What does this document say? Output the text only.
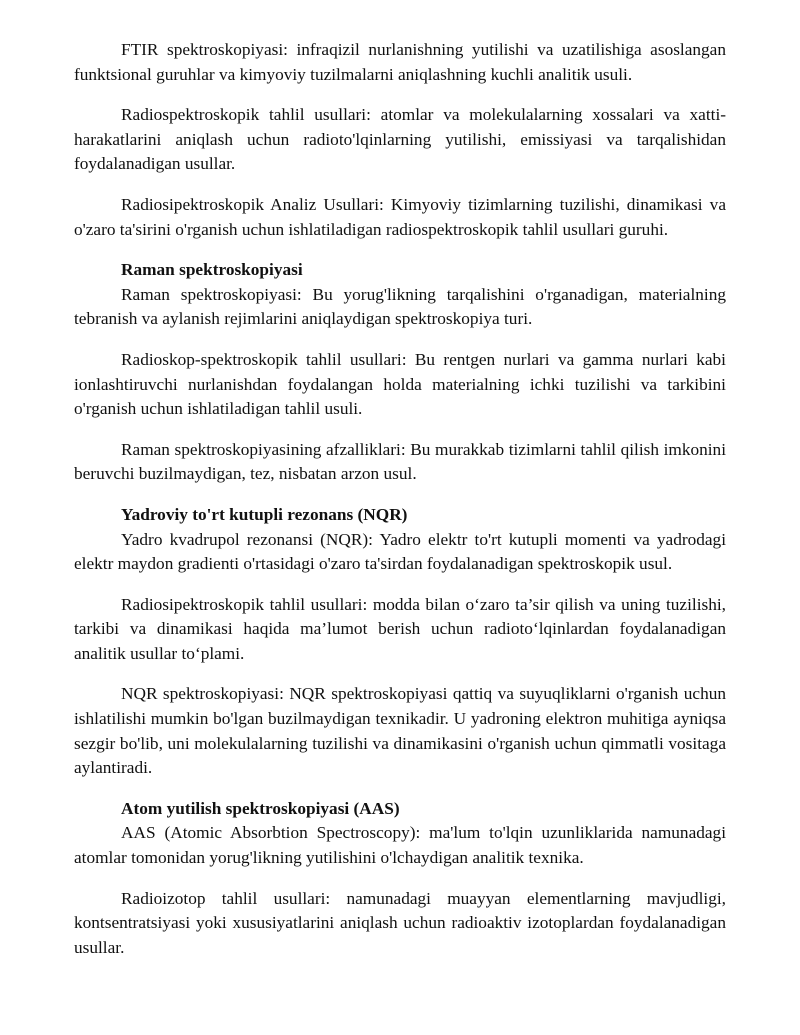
FTIR spektroskopiyasi: infraqizil nurlanishning yutilishi va uzatilishiga asoslangan funktsional guruhlar va kimyoviy tuzilmalarni aniqlashning kuchli analitik usuli.

Radiospektroskopik tahlil usullari: atomlar va molekulalarning xossalari va xatti-harakatlarini aniqlash uchun radioto'lqinlarning yutilishi, emissiyasi va tarqalishidan foydalanadigan usullar.

Radiosipektroskopik Analiz Usullari: Kimyoviy tizimlarning tuzilishi, dinamikasi va o'zaro ta'sirini o'rganish uchun ishlatiladigan radiospektroskopik tahlil usullari guruhi.

Raman spektroskopiyasi

Raman spektroskopiyasi: Bu yorug'likning tarqalishini o'rganadigan, materialning tebranish va aylanish rejimlarini aniqlaydigan spektroskopiya turi.

Radioskop-spektroskopik tahlil usullari: Bu rentgen nurlari va gamma nurlari kabi ionlashtiruvchi nurlanishdan foydalangan holda materialning ichki tuzilishi va tarkibini o'rganish uchun ishlatiladigan tahlil usuli.

Raman spektroskopiyasining afzalliklari: Bu murakkab tizimlarni tahlil qilish imkonini beruvchi buzilmaydigan, tez, nisbatan arzon usul.

Yadroviy to'rt kutupli rezonans (NQR)

Yadro kvadrupol rezonansi (NQR): Yadro elektr to'rt kutupli momenti va yadrodagi elektr maydon gradienti o'rtasidagi o'zaro ta'sirdan foydalanadigan spektroskopik usul.

Radiosipektroskopik tahlil usullari: modda bilan o‘zaro ta’sir qilish va uning tuzilishi, tarkibi va dinamikasi haqida ma’lumot berish uchun radioto‘lqinlardan foydalanadigan analitik usullar to‘plami.

NQR spektroskopiyasi: NQR spektroskopiyasi qattiq va suyuqliklarni o'rganish uchun ishlatilishi mumkin bo'lgan buzilmaydigan texnikadir. U yadroning elektron muhitiga ayniqsa sezgir bo'lib, uni molekulalarning tuzilishi va dinamikasini o'rganish uchun qimmatli vositaga aylantiradi.

Atom yutilish spektroskopiyasi (AAS)

AAS (Atomic Absorbtion Spectroscopy): ma'lum to'lqin uzunliklarida namunadagi atomlar tomonidan yorug'likning yutilishini o'lchaydigan analitik texnika.

Radioizotop tahlil usullari: namunadagi muayyan elementlarning mavjudligi, kontsentratsiyasi yoki xususiyatlarini aniqlash uchun radioaktiv izotoplardan foydalanadigan usullar.
